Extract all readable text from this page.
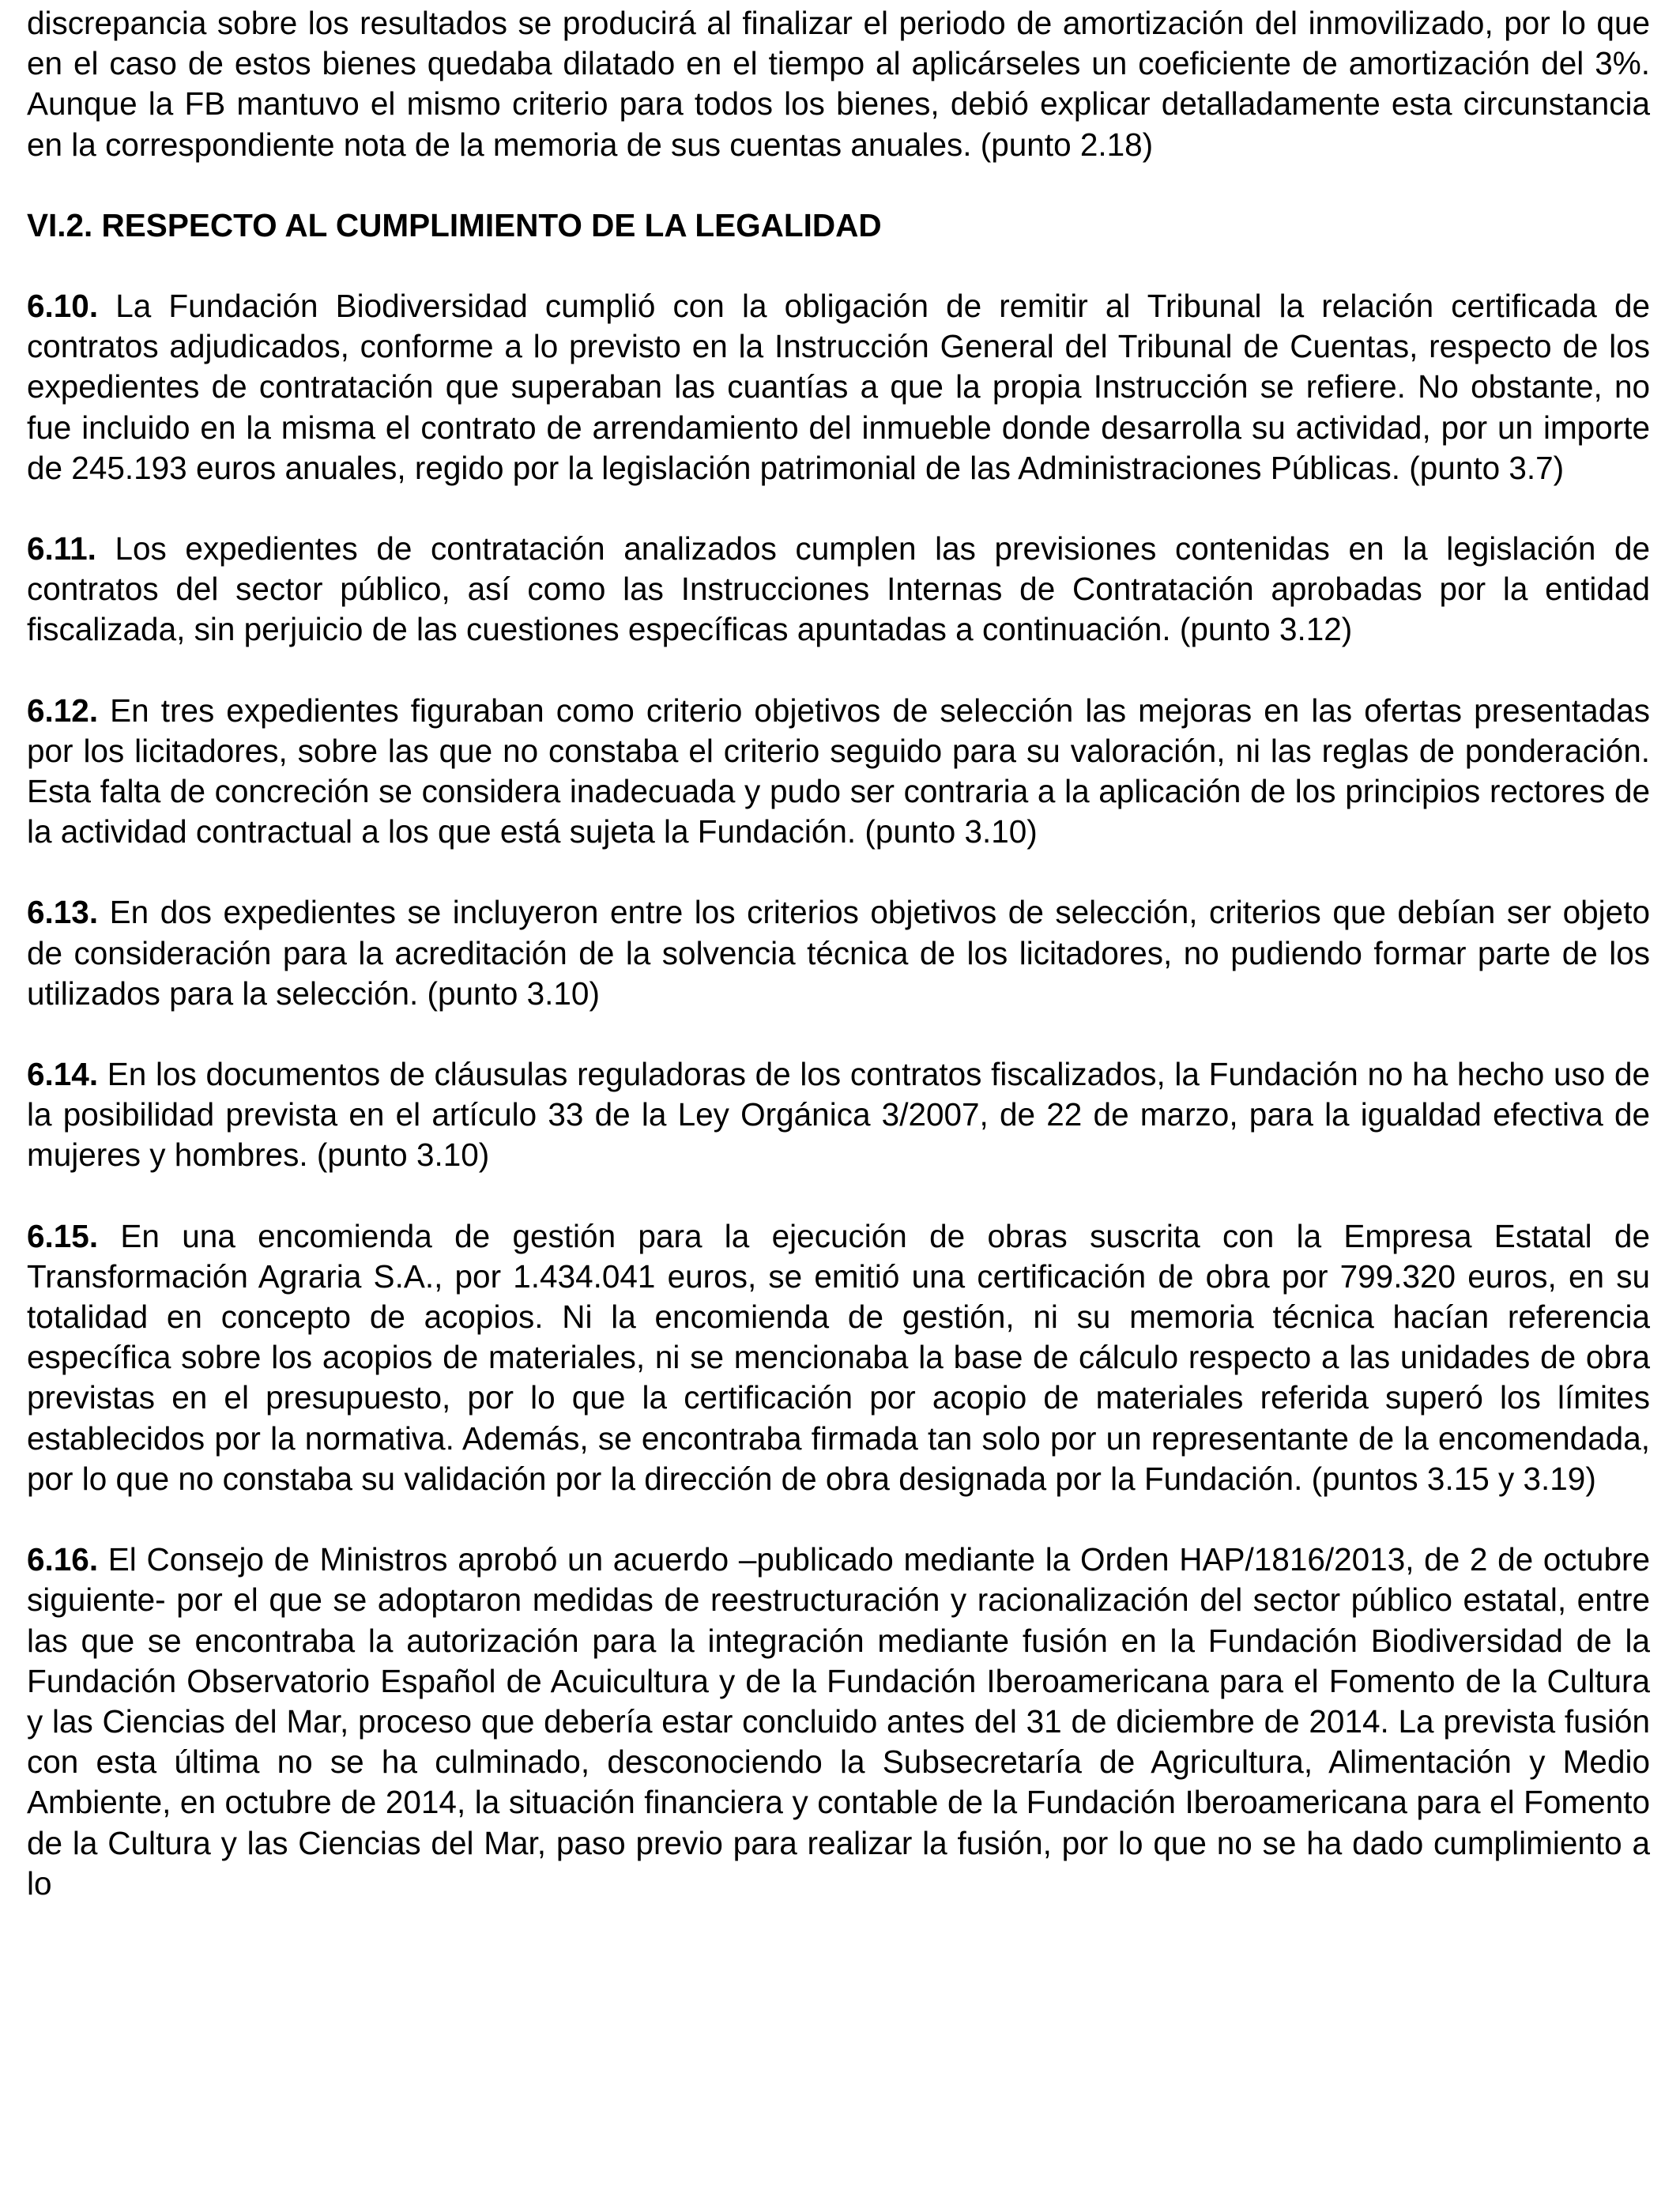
discrepancia sobre los resultados se producirá al finalizar el periodo de amortización del inmovilizado, por lo que en el caso de estos bienes quedaba dilatado en el tiempo al aplicárseles un coeficiente de amortización del 3%. Aunque la FB mantuvo el mismo criterio para todos los bienes, debió explicar detalladamente esta circunstancia en la correspondiente nota de la memoria de sus cuentas anuales. (punto 2.18)

VI.2. RESPECTO AL CUMPLIMIENTO DE LA LEGALIDAD

6.10. La Fundación Biodiversidad cumplió con la obligación de remitir al Tribunal la relación certificada de contratos adjudicados, conforme a lo previsto en la Instrucción General del Tribunal de Cuentas, respecto de los expedientes de contratación que superaban las cuantías a que la propia Instrucción se refiere. No obstante, no fue incluido en la misma el contrato de arrendamiento del inmueble donde desarrolla su actividad, por un importe de 245.193 euros anuales, regido por la legislación patrimonial de las Administraciones Públicas. (punto 3.7)

6.11. Los expedientes de contratación analizados cumplen las previsiones contenidas en la legislación de contratos del sector público, así como las Instrucciones Internas de Contratación aprobadas por la entidad fiscalizada, sin perjuicio de las cuestiones específicas apuntadas a continuación. (punto 3.12)

6.12. En tres expedientes figuraban como criterio objetivos de selección las mejoras en las ofertas presentadas por los licitadores, sobre las que no constaba el criterio seguido para su valoración, ni las reglas de ponderación. Esta falta de concreción se considera inadecuada y pudo ser contraria a la aplicación de los principios rectores de la actividad contractual a los que está sujeta la Fundación. (punto 3.10)

6.13. En dos expedientes se incluyeron entre los criterios objetivos de selección, criterios que debían ser objeto de consideración para la acreditación de la solvencia técnica de los licitadores, no pudiendo formar parte de los utilizados para la selección. (punto 3.10)

6.14. En los documentos de cláusulas reguladoras de los contratos fiscalizados, la Fundación no ha hecho uso de la posibilidad prevista en el artículo 33 de la Ley Orgánica 3/2007, de 22 de marzo, para la igualdad efectiva de mujeres y hombres. (punto 3.10)

6.15. En una encomienda de gestión para la ejecución de obras suscrita con la Empresa Estatal de Transformación Agraria S.A., por 1.434.041 euros, se emitió una certificación de obra por 799.320 euros, en su totalidad en concepto de acopios. Ni la encomienda de gestión, ni su memoria técnica hacían referencia específica sobre los acopios de materiales, ni se mencionaba la base de cálculo respecto a las unidades de obra previstas en el presupuesto, por lo que la certificación por acopio de materiales referida superó los límites establecidos por la normativa. Además, se encontraba firmada tan solo por un representante de la encomendada, por lo que no constaba su validación por la dirección de obra designada por la Fundación. (puntos 3.15 y 3.19)

6.16. El Consejo de Ministros aprobó un acuerdo –publicado mediante la Orden HAP/1816/2013, de 2 de octubre siguiente- por el que se adoptaron medidas de reestructuración y racionalización del sector público estatal, entre las que se encontraba la autorización para la integración mediante fusión en la Fundación Biodiversidad de la Fundación Observatorio Español de Acuicultura y de la Fundación Iberoamericana para el Fomento de la Cultura y las Ciencias del Mar, proceso que debería estar concluido antes del 31 de diciembre de 2014. La prevista fusión con esta última no se ha culminado, desconociendo la Subsecretaría de Agricultura, Alimentación y Medio Ambiente, en octubre de 2014, la situación financiera y contable de la Fundación Iberoamericana para el Fomento de la Cultura y las Ciencias del Mar, paso previo para realizar la fusión, por lo que no se ha dado cumplimiento a lo
